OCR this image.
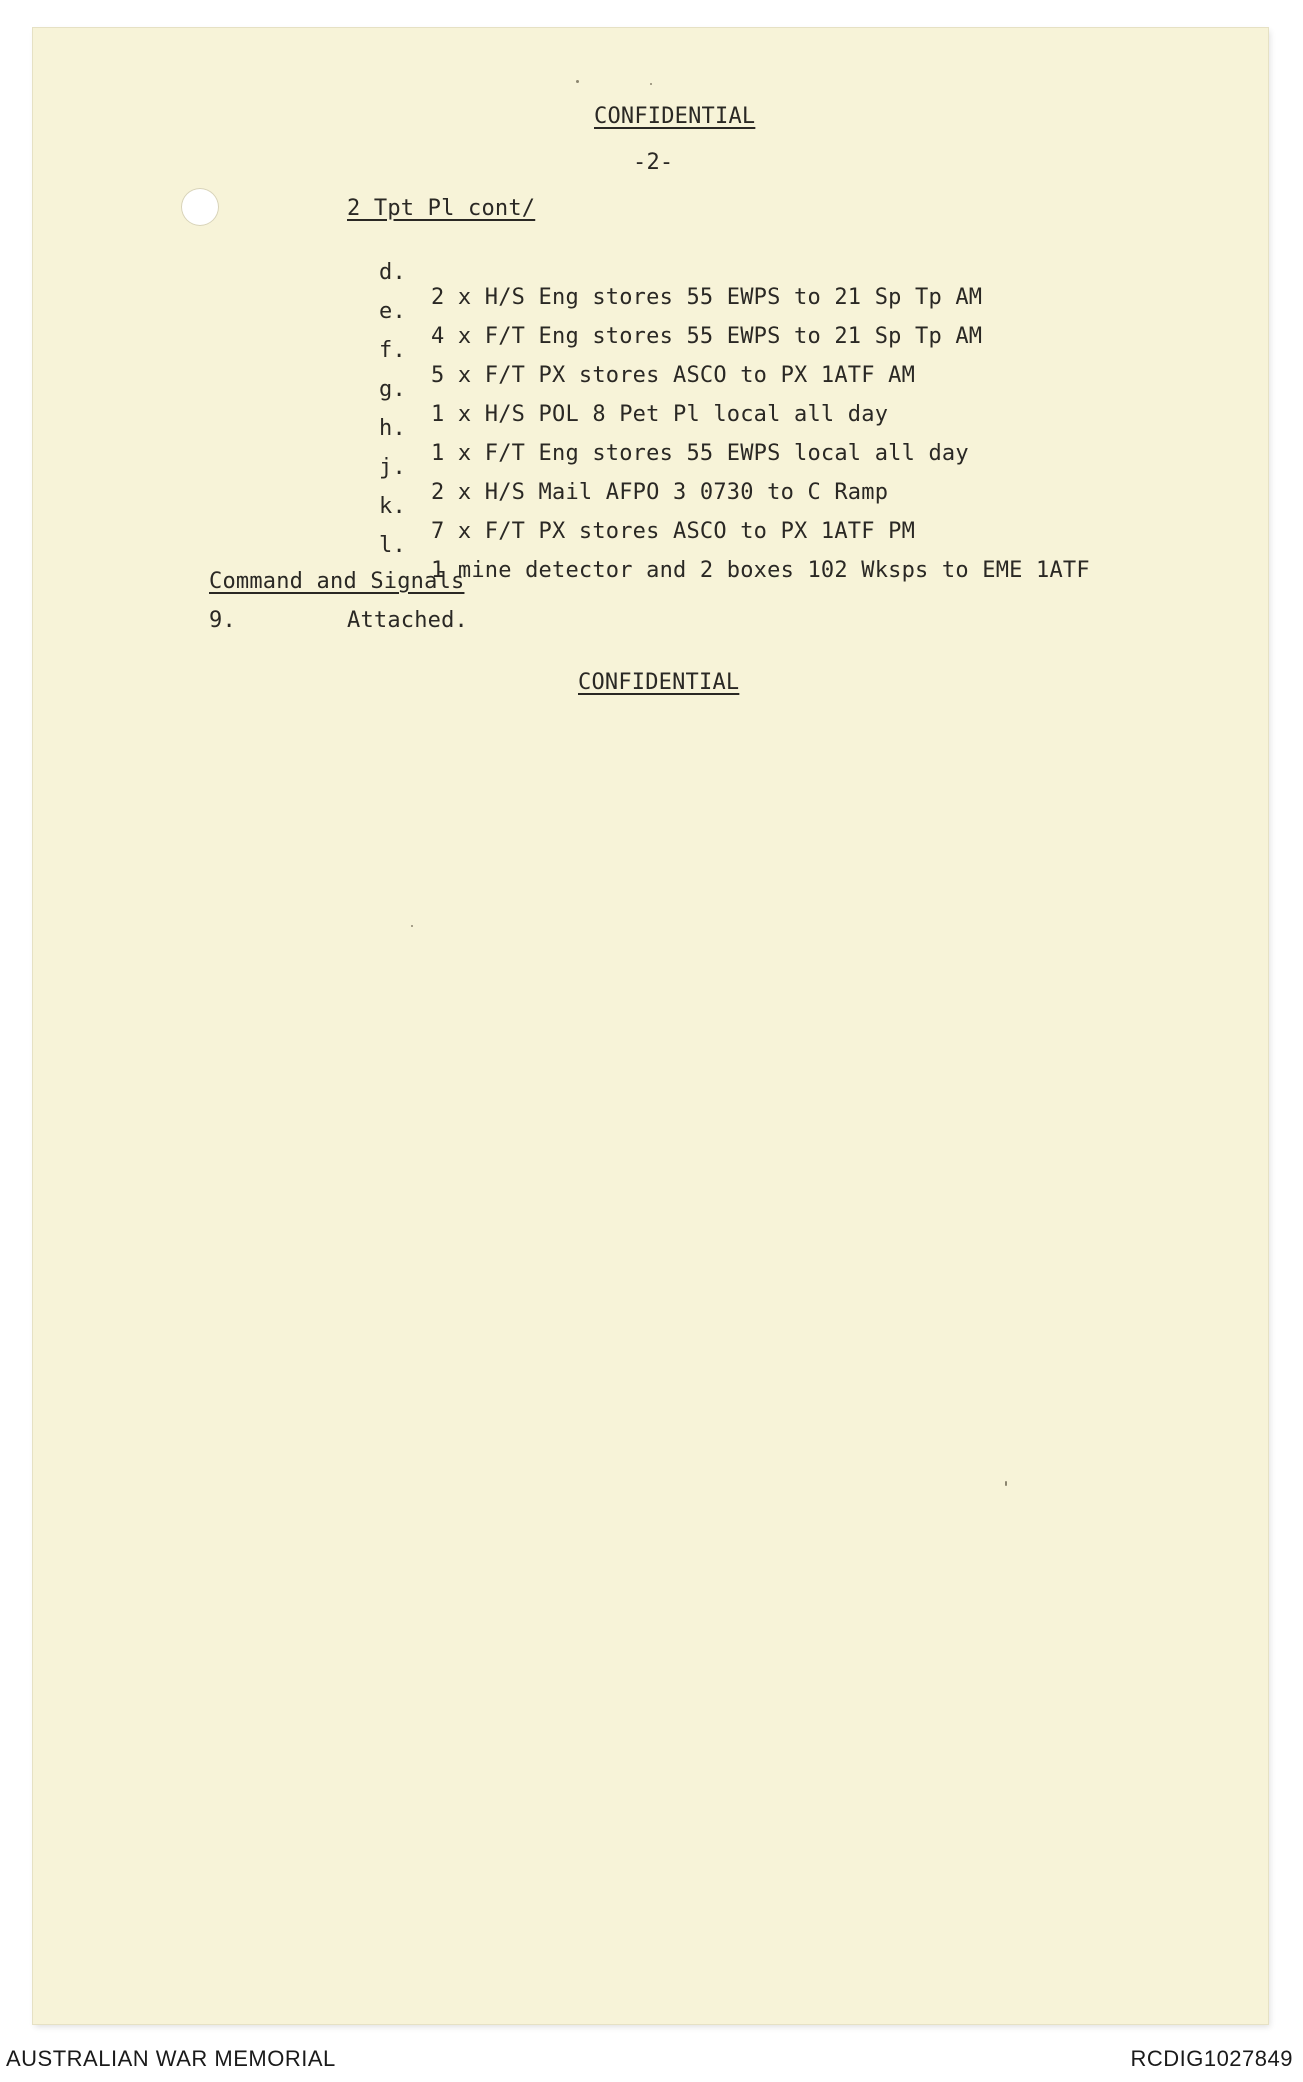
CONFIDENTIAL
-2-
2 Tpt Pl cont/

d.

2 x H/S Eng stores 55 EWPS to 21 Sp Tp AM

e.

4 x F/T Eng stores 55 EWPS to 21 Sp Tp AM

f.

5 x F/T PX stores ASCO to PX 1ATF AM

g.

1 x H/S POL 8 Pet Pl local all day

h.

1 x F/T Eng stores 55 EWPS local all day

j.

2 x H/S Mail AFPO 3 0730 to C Ramp

k.

7 x F/T PX stores ASCO to PX 1ATF PM

l.

1 mine detector and 2 boxes 102 Wksps to EME 1ATF

Command and Signals
9.	Attached.
CONFIDENTIAL
AUSTRALIAN WAR MEMORIAL	RCDIG1027849
